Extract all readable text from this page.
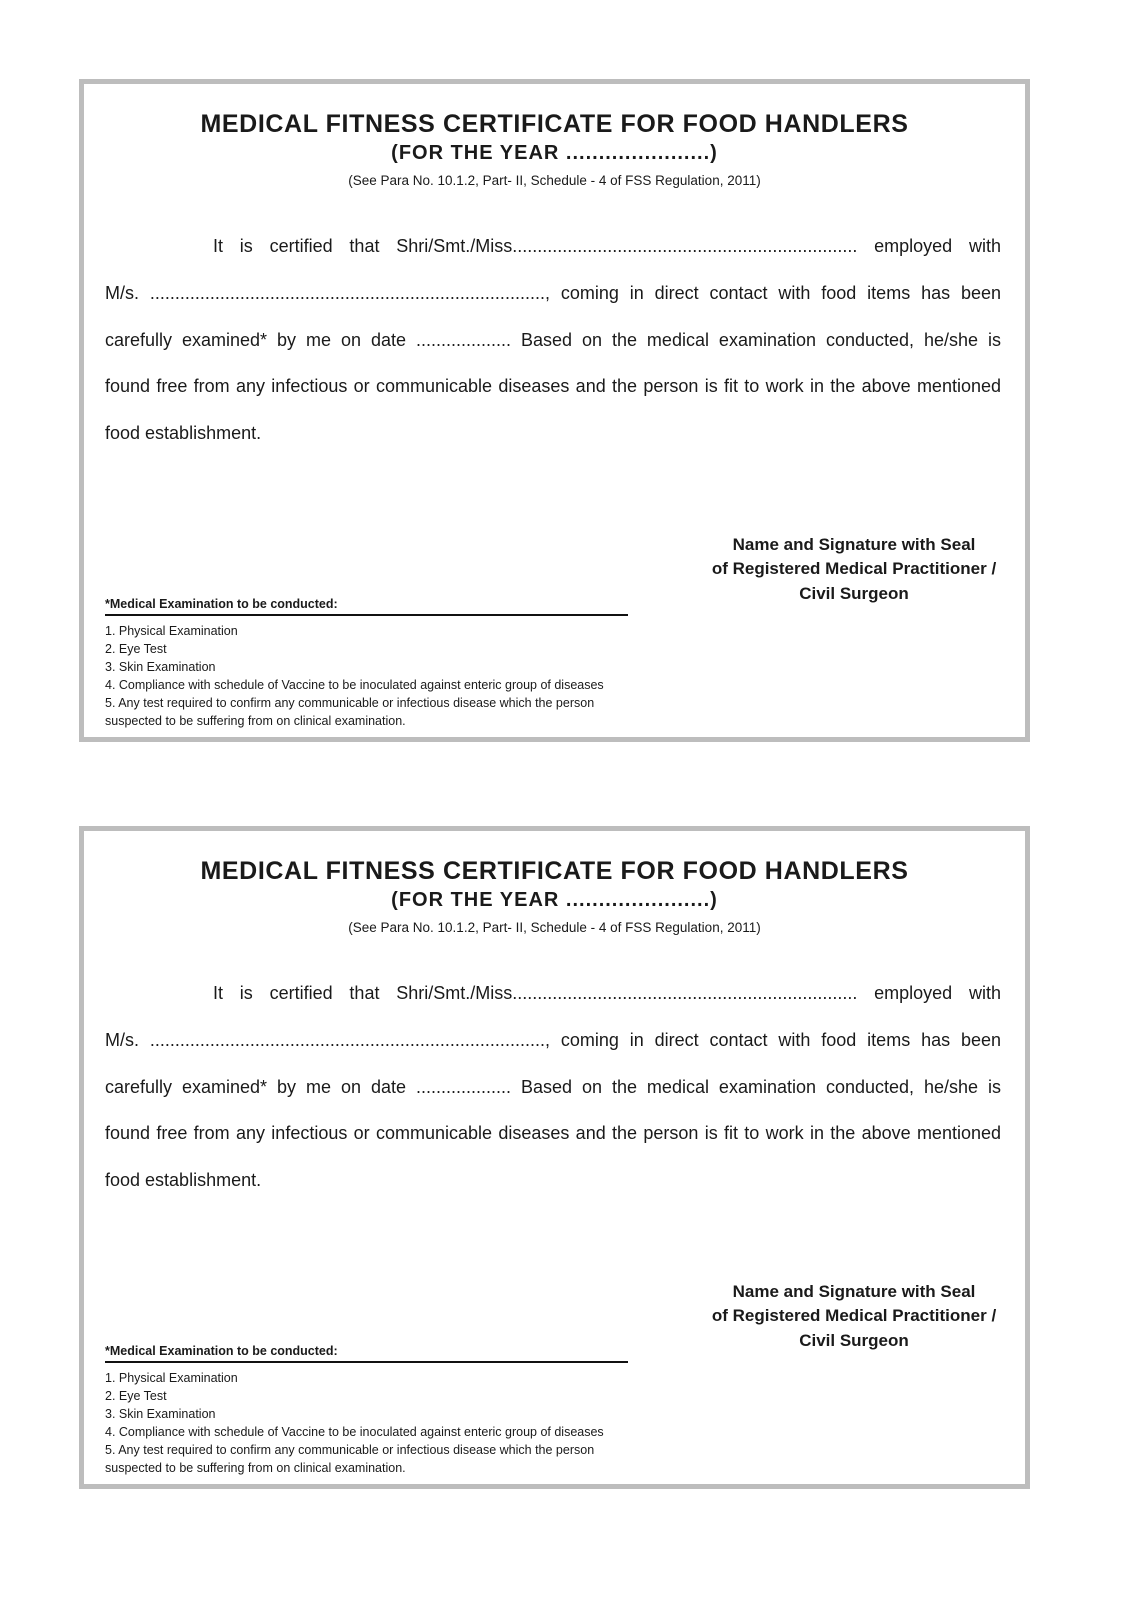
MEDICAL FITNESS CERTIFICATE FOR FOOD HANDLERS
(FOR THE YEAR ......................)
(See Para No. 10.1.2, Part- II, Schedule - 4 of FSS Regulation, 2011)
It is certified that Shri/Smt./Miss..................................................................... employed with
M/s. ..............................................................................., coming in direct contact with food items has been
carefully examined* by me on date ................... Based on the medical examination conducted, he/she is
found free from any infectious or communicable diseases and the person is fit to work in the above mentioned
food establishment.
Name and Signature with Seal
of Registered Medical Practitioner /
Civil Surgeon
*Medical Examination to be conducted:
1. Physical Examination
2. Eye Test
3. Skin Examination
4. Compliance with schedule of Vaccine to be inoculated against enteric group of diseases
5. Any test required to confirm any communicable or infectious disease which the person
suspected to be suffering from on clinical examination.
MEDICAL FITNESS CERTIFICATE FOR FOOD HANDLERS
(FOR THE YEAR ......................)
(See Para No. 10.1.2, Part- II, Schedule - 4 of FSS Regulation, 2011)
It is certified that Shri/Smt./Miss..................................................................... employed with
M/s. ..............................................................................., coming in direct contact with food items has been
carefully examined* by me on date ................... Based on the medical examination conducted, he/she is
found free from any infectious or communicable diseases and the person is fit to work in the above mentioned
food establishment.
Name and Signature with Seal
of Registered Medical Practitioner /
Civil Surgeon
*Medical Examination to be conducted:
1. Physical Examination
2. Eye Test
3. Skin Examination
4. Compliance with schedule of Vaccine to be inoculated against enteric group of diseases
5. Any test required to confirm any communicable or infectious disease which the person
suspected to be suffering from on clinical examination.
